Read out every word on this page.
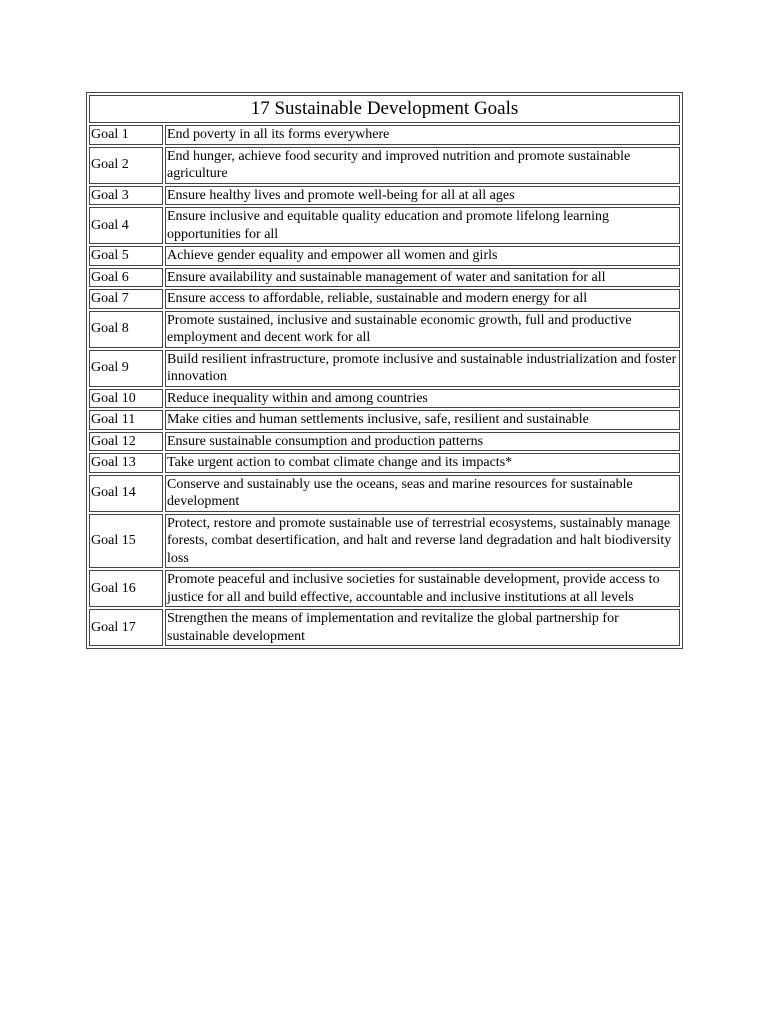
17 Sustainable Development Goals	
Goal 1	End poverty in all its forms everywhere
Goal 2	End hunger, achieve food security and improved nutrition and promote sustainable agriculture
Goal 3	Ensure healthy lives and promote well-being for all at all ages
Goal 4	Ensure inclusive and equitable quality education and promote lifelong learning opportunities for all
Goal 5	Achieve gender equality and empower all women and girls
Goal 6	Ensure availability and sustainable management of water and sanitation for all
Goal 7	Ensure access to affordable, reliable, sustainable and modern energy for all
Goal 8	Promote sustained, inclusive and sustainable economic growth, full and productive employment and decent work for all
Goal 9	Build resilient infrastructure, promote inclusive and sustainable industrialization and foster innovation
Goal 10	Reduce inequality within and among countries
Goal 11	Make cities and human settlements inclusive, safe, resilient and sustainable
Goal 12	Ensure sustainable consumption and production patterns
Goal 13	Take urgent action to combat climate change and its impacts*
Goal 14	Conserve and sustainably use the oceans, seas and marine resources for sustainable development
Goal 15	Protect, restore and promote sustainable use of terrestrial ecosystems, sustainably manage forests, combat desertification, and halt and reverse land degradation and halt biodiversity loss
Goal 16	Promote peaceful and inclusive societies for sustainable development, provide access to justice for all and build effective, accountable and inclusive institutions at all levels
Goal 17	Strengthen the means of implementation and revitalize the global partnership for sustainable development
